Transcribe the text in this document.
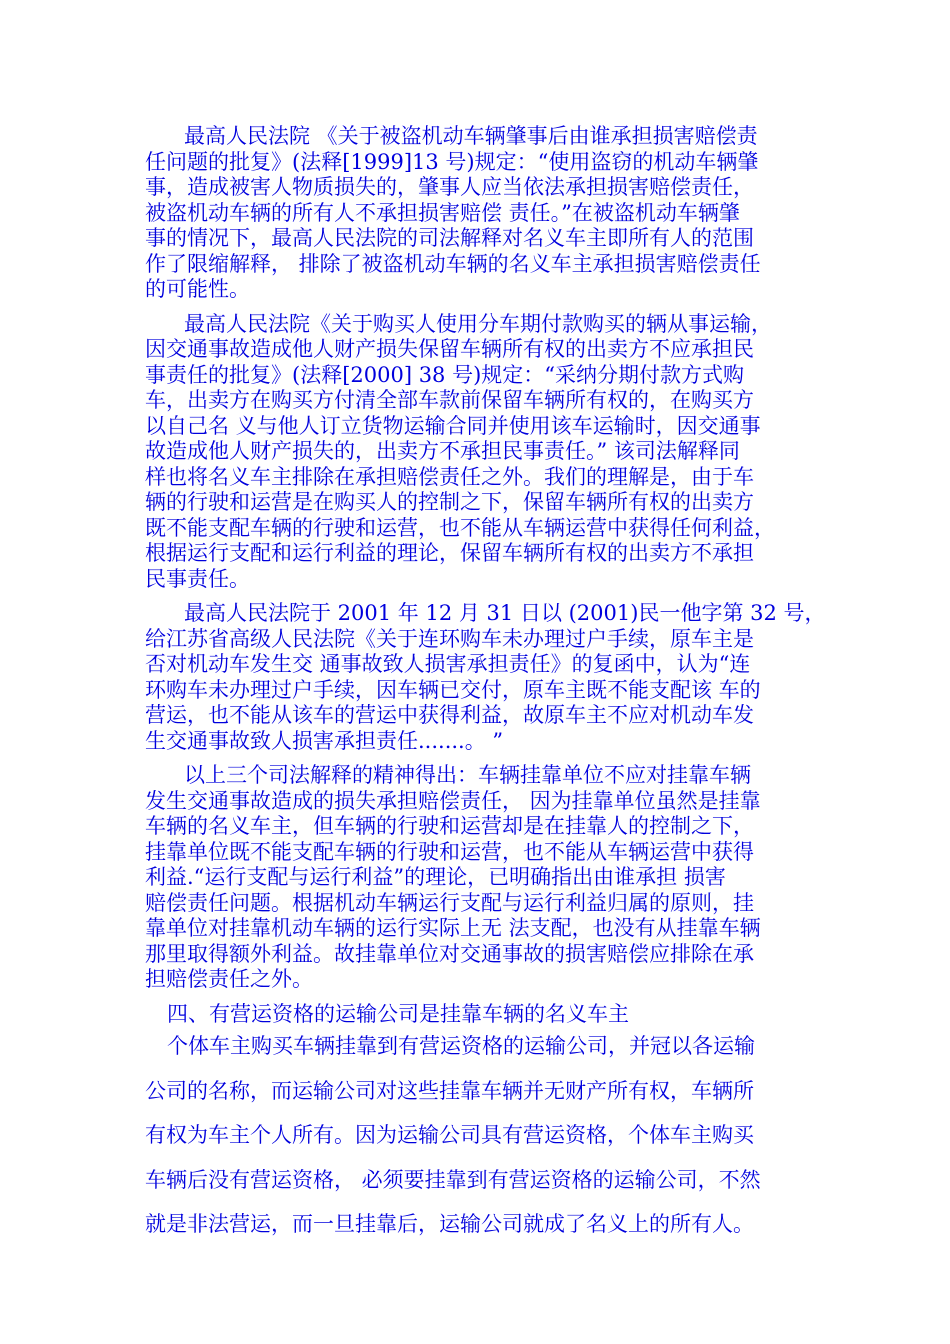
最高人民法院 《关于被盗机动车辆肇事后由谁承担损害赔偿责
任问题的批复》(法释[1999]13 号)规定：“使用盗窃的机动车辆肇
事，造成被害人物质损失的，肇事人应当依法承担损害赔偿责任，
被盗机动车辆的所有人不承担损害赔偿 责任。”在被盗机动车辆肇
事的情况下，最高人民法院的司法解释对名义车主即所有人的范围
作了限缩解释， 排除了被盗机动车辆的名义车主承担损害赔偿责任
的可能性。
最高人民法院《关于购买人使用分车期付款购买的辆从事运输，
因交通事故造成他人财产损失保留车辆所有权的出卖方不应承担民
事责任的批复》(法释[2000] 38 号)规定：“采纳分期付款方式购
车，出卖方在购买方付清全部车款前保留车辆所有权的，在购买方
以自己名 义与他人订立货物运输合同并使用该车运输时，因交通事
故造成他人财产损失的，出卖方不承担民事责任。” 该司法解释同
样也将名义车主排除在承担赔偿责任之外。我们的理解是，由于车
辆的行驶和运营是在购买人的控制之下，保留车辆所有权的出卖方
既不能支配车辆的行驶和运营，也不能从车辆运营中获得任何利益，
根据运行支配和运行利益的理论，保留车辆所有权的出卖方不承担
民事责任。
最高人民法院于 2001 年 12 月 31 日以 (2001)民一他字第 32 号，
给江苏省高级人民法院《关于连环购车未办理过户手续，原车主是
否对机动车发生交 通事故致人损害承担责任》的复函中，认为“连
环购车未办理过户手续，因车辆已交付，原车主既不能支配该 车的
营运，也不能从该车的营运中获得利益，故原车主不应对机动车发
生交通事故致人损害承担责任.......。 ”
以上三个司法解释的精神得出：车辆挂靠单位不应对挂靠车辆
发生交通事故造成的损失承担赔偿责任， 因为挂靠单位虽然是挂靠
车辆的名义车主，但车辆的行驶和运营却是在挂靠人的控制之下，
挂靠单位既不能支配车辆的行驶和运营，也不能从车辆运营中获得
利益.“运行支配与运行利益”的理论，已明确指出由谁承担 损害
赔偿责任问题。根据机动车辆运行支配与运行利益归属的原则，挂
靠单位对挂靠机动车辆的运行实际上无 法支配，也没有从挂靠车辆
那里取得额外利益。故挂靠单位对交通事故的损害赔偿应排除在承
担赔偿责任之外。

四、有营运资格的运输公司是挂靠车辆的名义车主

个体车主购买车辆挂靠到有营运资格的运输公司，并冠以各运输
公司的名称，而运输公司对这些挂靠车辆并无财产所有权，车辆所
有权为车主个人所有。因为运输公司具有营运资格，个体车主购买
车辆后没有营运资格， 必须要挂靠到有营运资格的运输公司，不然
就是非法营运，而一旦挂靠后，运输公司就成了名义上的所有人。
